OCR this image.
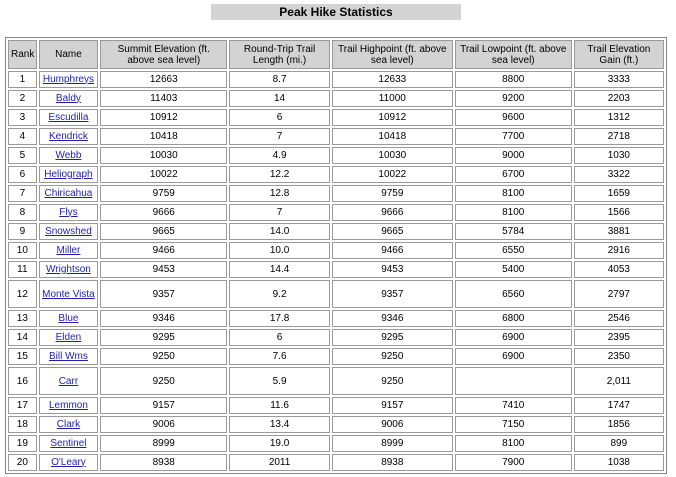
Peak Hike Statistics
Rank	Name	Summit Elevation (ft. above sea level)	Round-Trip Trail Length (mi.)	Trail Highpoint (ft. above sea level)	Trail Lowpoint (ft. above sea level)	Trail Elevation Gain (ft.)
1	Humphreys	12663	8.7	12633	8800	3333
2	Baldy	11403	14	11000	9200	2203
3	Escudilla	10912	6	10912	9600	1312
4	Kendrick	10418	7	10418	7700	2718
5	Webb	10030	4.9	10030	9000	1030
6	Heliograph	10022	12.2	10022	6700	3322
7	Chiricahua	9759	12.8	9759	8100	1659
8	Flys	9666	7	9666	8100	1566
9	Snowshed	9665	14.0	9665	5784	3881
10	Miller	9466	10.0	9466	6550	2916
11	Wrightson	9453	14.4	9453	5400	4053
12	Monte Vista	9357	9.2	9357	6560	2797
13	Blue	9346	17.8	9346	6800	2546
14	Elden	9295	6	9295	6900	2395
15	Bill Wms	9250	7.6	9250	6900	2350
16	Carr	9250	5.9	9250		2,011
17	Lemmon	9157	11.6	9157	7410	1747
18	Clark	9006	13.4	9006	7150	1856
19	Sentinel	8999	19.0	8999	8100	899
20	O'Leary	8938	2011	8938	7900	1038
